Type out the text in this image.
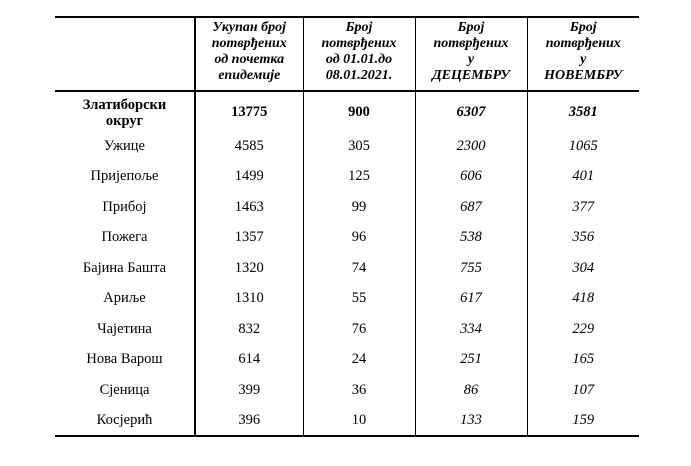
	Укупан број
потврђених
од почетка
епидемије	Број
потврђених
од 01.01.до
08.01.2021.	Број
потврђених
у
ДЕЦЕМБРУ	Број
потврђених
у
НОВЕМБРУ

Златиборски
округ	13775	900	6307	3581
Ужице	4585	305	2300	1065
Пријепоље	1499	125	606	401
Прибој	1463	99	687	377
Пожега	1357	96	538	356
Бајина Башта	1320	74	755	304
Ариље	1310	55	617	418
Чајетина	832	76	334	229
Нова Варош	614	24	251	165
Сјеница	399	36	86	107
Косјерић	396	10	133	159
